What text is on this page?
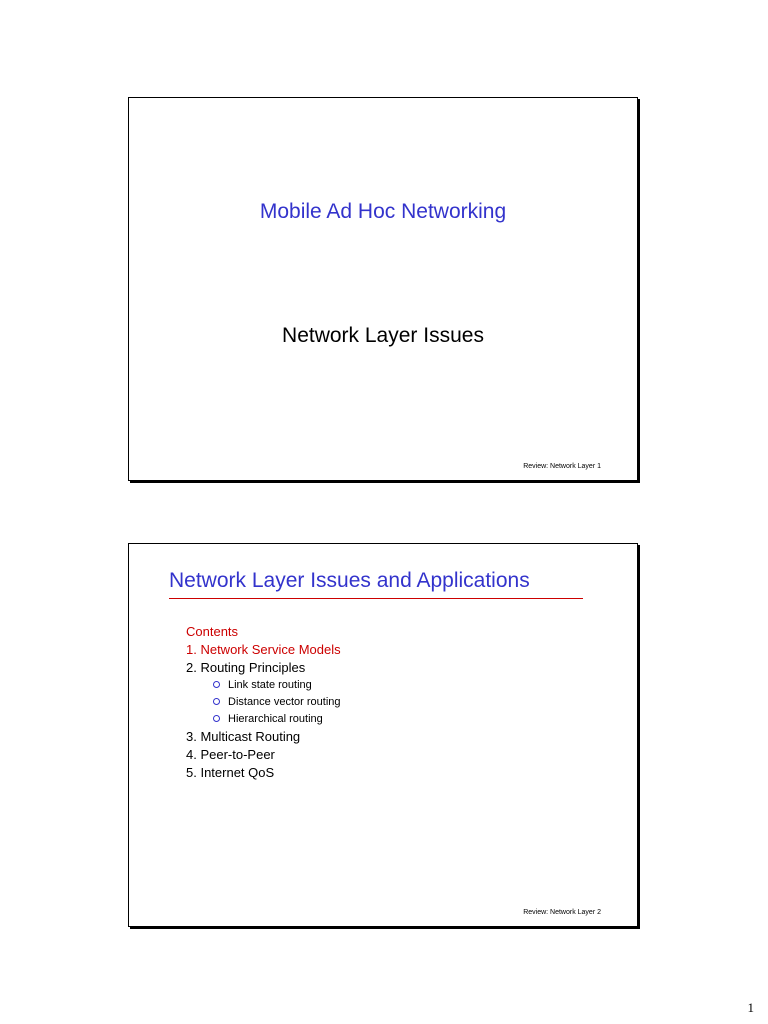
Mobile Ad Hoc Networking
Network Layer Issues
Review: Network Layer 1
Network Layer Issues and Applications
Contents
1. Network Service Models
2. Routing Principles
Link state routing
Distance vector routing
Hierarchical routing
3. Multicast Routing
4. Peer-to-Peer
5. Internet QoS
Review: Network Layer 2
1
